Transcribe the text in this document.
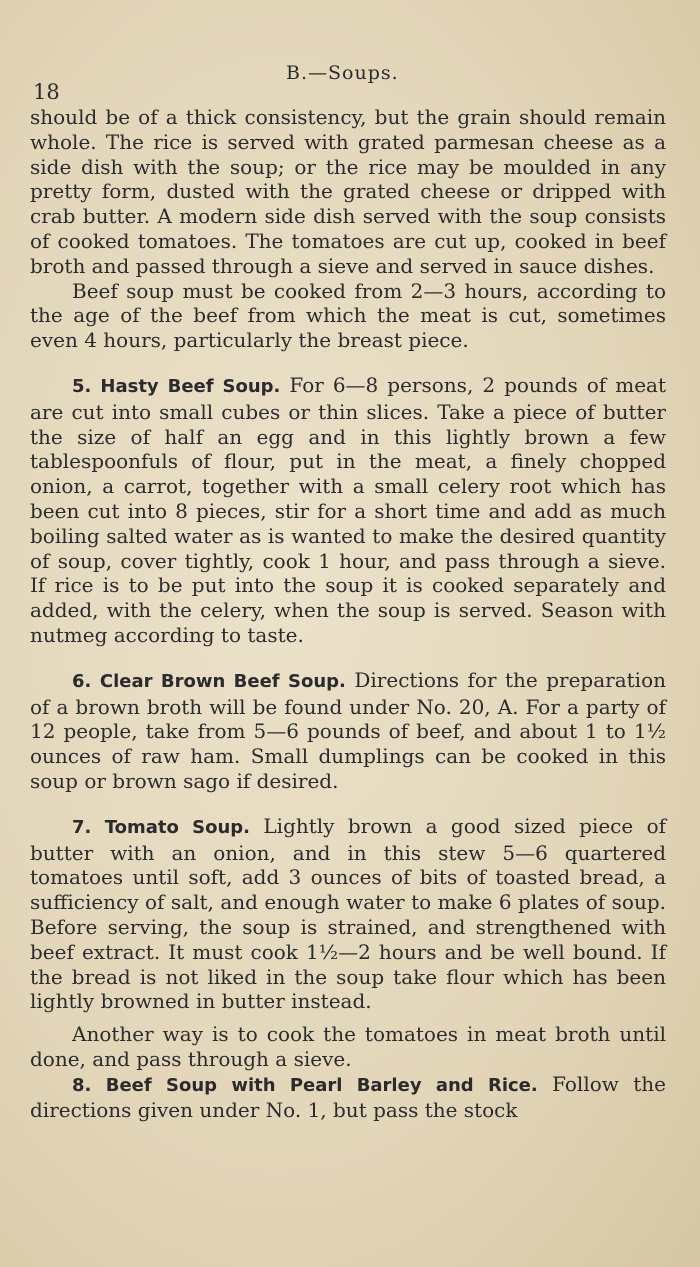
18
B.—Soups.

should be of a thick consistency, but the grain should remain whole. The rice is served with grated parmesan cheese as a side dish with the soup; or the rice may be moulded in any pretty form, dusted with the grated cheese or dripped with crab butter. A modern side dish served with the soup consists of cooked tomatoes. The tomatoes are cut up, cooked in beef broth and passed through a sieve and served in sauce dishes.

Beef soup must be cooked from 2—3 hours, according to the age of the beef from which the meat is cut, sometimes even 4 hours, particularly the breast piece.

5. Hasty Beef Soup. For 6—8 persons, 2 pounds of meat are cut into small cubes or thin slices. Take a piece of butter the size of half an egg and in this lightly brown a few tablespoonfuls of flour, put in the meat, a finely chopped onion, a carrot, together with a small celery root which has been cut into 8 pieces, stir for a short time and add as much boiling salted water as is wanted to make the desired quantity of soup, cover tightly, cook 1 hour, and pass through a sieve. If rice is to be put into the soup it is cooked separately and added, with the celery, when the soup is served. Season with nutmeg according to taste.

6. Clear Brown Beef Soup. Directions for the preparation of a brown broth will be found under No. 20, A. For a party of 12 people, take from 5—6 pounds of beef, and about 1 to 1½ ounces of raw ham. Small dumplings can be cooked in this soup or brown sago if desired.

7. Tomato Soup. Lightly brown a good sized piece of butter with an onion, and in this stew 5—6 quartered tomatoes until soft, add 3 ounces of bits of toasted bread, a sufficiency of salt, and enough water to make 6 plates of soup. Before serving, the soup is strained, and strengthened with beef extract. It must cook 1½—2 hours and be well bound. If the bread is not liked in the soup take flour which has been lightly browned in butter instead.

Another way is to cook the tomatoes in meat broth until done, and pass through a sieve.

8. Beef Soup with Pearl Barley and Rice. Follow the directions given under No. 1, but pass the stock
